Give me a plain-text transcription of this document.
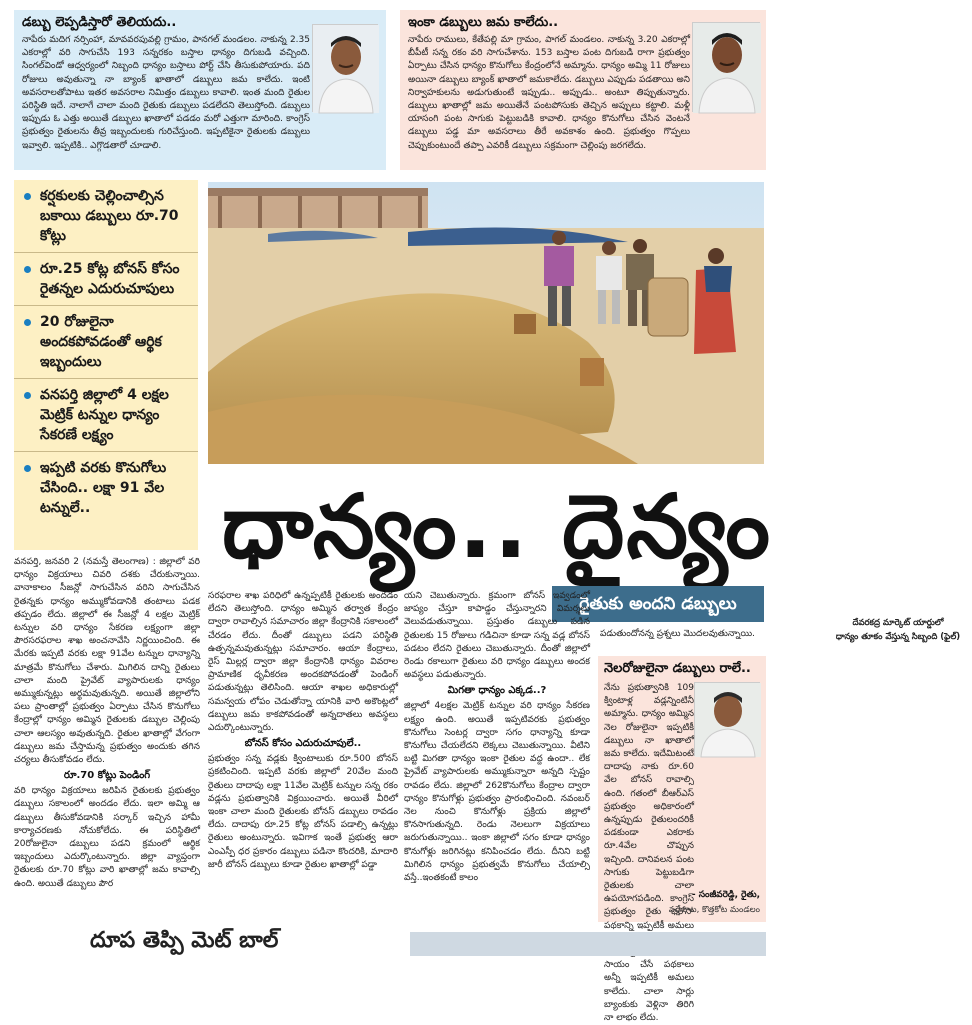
డబ్బు లెప్పడిస్తారో తెలియదు..
నాపేరు మదిగ నర్సింహా, మావవరపువల్లి గ్రామం, పానగల్ మండలం. నాకున్న 2.35 ఎకరాల్లో వరి సాగుచేసి 193 సన్నరకం బస్తాల ధాన్యం దిగుబడి వచ్చింది. సింగల్‌విండో ఆధ్వర్యంలో నిబ్బంది ధాన్యం బస్తాలు పోర్ట్ చేసి తీసుకుపోయారు. పది రోజులు అవుతున్నా నా బ్యాంక్ ఖాతాలో డబ్బులు జమ కాలేదు. ఇంటి అవసరాలతోపాటు ఇతర అవసరాల నిమిత్తం డబ్బులు కావాలి. ఇంత మంది రైతుల పరిస్థితి ఇదే. నాలాగే చాలా మంది రైతుకు డబ్బులు పడలేదని తెలుస్తోంది. డబ్బులు ఇప్పుడు ఓ ఎత్తు అయితే డబ్బులు ఖాతాలో పడడం మరో ఎత్తుగా మారింది. కాంగ్రెస్ ప్రభుత్వం రైతులను తీవ్ర ఇబ్బందులకు గురిచేస్తుంది. ఇప్పటికైనా రైతులకు డబ్బులు ఇవ్వాలి. ఇప్పటికి.. ఎగ్గొడతారో చూడాలి.
ఇంకా డబ్బులు జమ కాలేదు..
నాపేరు రాములు, కేతేపల్లి మా గ్రామం, పాగల్ మండలం. నాకున్న 3.20 ఎకరాల్లో బీపీటీ సన్న రకం వరి సాగుచేశాను. 153 బస్తాల పంట దిగుబడి రాగా ప్రభుత్వం ఏర్పాటు చేసిన ధాన్యం కొనుగోలు కేంద్రంలోనే అమ్మాను. ధాన్యం అమ్మి 11 రోజులు అయినా డబ్బులు బ్యాంక్ ఖాతాలో జమకాలేదు. డబ్బులు ఎప్పుడు పడతాయి అని నిర్వాహకులను అడుగుతుంటే ఇప్పుడు.. అప్పుడు.. అంటూ తిప్పుతున్నారు. డబ్బులు ఖాతాల్లో జమ అయితేనే పంటపోసుకు తెచ్చిన అప్పులు కట్టాలి. మళ్లీ యాసంగి పంట సాగుకు పెట్టుబడికి కావాలి. ధాన్యం కొనుగోలు చేసిన వెంటనే డబ్బులు పడ్డ మా అవసరాలు తీరే అవకాశం ఉంది. ప్రభుత్వం గొప్పలు చెప్పుకుంటుందే తప్పా ఎవరికీ డబ్బులు సక్రమంగా చెల్లింపు జరగలేదు.
కర్షకులకు చెల్లించాల్సిన బకాయి డబ్బులు రూ.70 కోట్లు
రూ.25 కోట్ల బోనస్ కోసం రైతన్నల ఎదురుచూపులు
20 రోజులైనా అందకపోవడంతో ఆర్థిక ఇబ్బందులు
వనపర్తి జిల్లాలో 4 లక్షల మెట్రిక్ టన్నుల ధాన్యం సేకరణే లక్ష్యం
ఇప్పటి వరకు కొనుగోలు చేసింది.. లక్షా 91 వేల టన్నులే..
దేవరకద్ర మార్కెట్ యార్డులో
ధాన్యం తూకం వేస్తున్న సిబ్బంది (ఫైల్)
ధాన్యం.. దైన్యం
రైతుకు అందని డబ్బులు
వనపర్తి, జనవరి 2 (నమస్తే తెలంగాణ) : జిల్లాలో వరి ధాన్యం విక్రయాలు చివరి దశకు చేరుకున్నాయి. వానాకాలం సీజన్లో సాగుచేసిన వరిని సాగుచేసిన రైతన్నకు ధాన్యం అమ్ముకోవడానికి తంటాలు పడక తప్పడం లేదు. జిల్లాలో ఈ సీజన్లో 4 లక్షల మెట్రిక్ టన్నుల వరి ధాన్యం సేకరణ లక్ష్యంగా జిల్లా పౌరసరఫరాల శాఖ అంచనావేసి నిర్ణయించింది. ఈ మేరకు ఇప్పటి వరకు లక్షా 91వేల టన్నుల ధాన్యాన్ని మాత్రమే కొనుగోలు చేశారు. మిగిలిన దాన్ని రైతులు చాలా మంది ప్రైవేట్ వ్యాపారులకు ధాన్యం అమ్ముకున్నట్లు అర్థమవుతున్నది. అయితే జిల్లాలోని పలు ప్రాంతాల్లో ప్రభుత్వం ఏర్పాటు చేసిన కొనుగోలు కేంద్రాల్లో ధాన్యం అమ్మిన రైతులకు డబ్బుల చెల్లింపు చాలా ఆలస్యం అవుతున్నది. రైతుల ఖాతాల్లో వేగంగా డబ్బులు జమ చేస్తామన్న ప్రభుత్వం అందుకు తగిన చర్యలు తీసుకోవడం లేదు.
రూ.70 కోట్లు పెండింగ్
వరి ధాన్యం విక్రయాలు జరిపిన రైతులకు ప్రభుత్వం డబ్బులు సకాలంలో అందడం లేదు. ఇలా అమ్మి ఆ డబ్బులు తీసుకోవడానికి సర్కార్ ఇచ్చిన హామీ కార్యాచరణకు నోచుకోలేదు. ఈ పరిస్థితిలో 20రోజులైనా డబ్బులు పడని క్రమంలో ఆర్థిక ఇబ్బందులు ఎదుర్కొంటున్నారు. జిల్లా వ్యాప్తంగా రైతులకు రూ.70 కోట్లు వారి ఖాతాల్లో జమ కావాల్సి ఉంది. అయితే డబ్బులు పౌర
సరఫరాల శాఖ పరిధిలో ఉన్నప్పటికీ రైతులకు అందడం లేదని తెలుస్తోంది. ధాన్యం అమ్మిన తర్వాత కేంద్రం ద్వారా రావాల్సిన సమాచారం జిల్లా కేంద్రానికి సకాలంలో చేరడం లేదు. దీంతో డబ్బులు పడని పరిస్థితి ఉత్పన్నమవుతున్నట్లు సమాచారం. ఆయా కేంద్రాలు, రైస్ మిల్లర్ల ద్వారా జిల్లా కేంద్రానికి ధాన్యం వివరాల ప్రామాణిక ధృవీకరణ అందకపోవడంతో పెండింగ్ పడుతున్నట్లు తెలిసింది. ఆయా శాఖల అధికారుల్లో సమన్వయ లోపం చెడుతోన్నా యానికి వారి అకౌంట్లలో డబ్బులు జమ కాకపోవడంతో అన్నదాతలు అవస్థలు ఎదుర్కొంటున్నారు.
బోనస్ కోసం ఎదురుచూపులే..
ప్రభుత్వం సన్న వడ్లకు క్వింటాలుకు రూ.500 బోనస్ ప్రకటించింది. ఇప్పటి వరకు జిల్లాలో 20వేల మంది రైతులు దాదాపు లక్షా 11వేల మెట్రిక్ టన్నుల సన్న రకం వడ్లను ప్రభుత్వానికి విక్రయించారు. అయితే వీరిలో ఇంకా చాలా మంది రైతులకు బోనస్ డబ్బులు రావడం లేదు. దాదాపు రూ.25 కోట్ల బోనస్ పడాల్సి ఉన్నట్లు రైతులు అంటున్నారు. ఇవిగాక ఇంతే ప్రభుత్వ ఆరా ఎంఎస్పీ ధర ప్రకారం డబ్బులు పడినా కొందరికి, మాదారి జారీ బోనస్ డబ్బులు కూడా రైతుల ఖాతాల్లో పడ్డా
యని చెబుతున్నారు. క్రమంగా బోనస్ ఇవ్వడంలో జాప్యం చేస్తూ కాపాడ్డం చేస్తున్నారని విమర్శలు వెలువడుతున్నాయి. ప్రస్తుతం డబ్బులు పడిన రైతులకు 15 రోజులు గడిచినా కూడా సన్న వడ్ల బోనస్ పడటం లేదని రైతులు చెబుతున్నారు. దీంతో జిల్లాలో రెండు రకాలుగా రైతులు వరి ధాన్యం డబ్బులు అందక అవస్థలు పడుతున్నారు.
మిగతా ధాన్యం ఎక్కడ..?
జిల్లాలో 4లక్షల మెట్రిక్ టన్నుల వరి ధాన్యం సేకరణ లక్ష్యం ఉంది. అయితే ఇప్పటివరకు ప్రభుత్వం కొనుగోలు సెంటర్ల ద్వారా సగం ధాన్యాన్ని కూడా కొనుగోలు చేయలేదని లెక్కలు చెబుతున్నాయి. వీటిని బట్టి మిగతా ధాన్యం ఇంకా రైతుల వద్ద ఉందా.. లేక ప్రైవేట్ వ్యాపారులకు అమ్ముకున్నారా అన్నది స్పష్టం రావడం లేదు. జిల్లాలో 262కొనుగోలు కేంద్రాల ద్వారా ధాన్యం కొనుగోళ్లు ప్రభుత్వం ప్రారంభించింది. నవంబర్ నెల నుంచి కొనుగోళ్లు ప్రక్రియ జిల్లాలో కొనసాగుతున్నది. రెండు నెలలుగా విక్రయాలు జరుగుతున్నాయి.. ఇంకా జిల్లాలో సగం కూడా ధాన్యం కొనుగోళ్లు జరిగినట్లు కనిపించడం లేదు. దీనిని బట్టి మిగిలిన ధాన్యం ప్రభుత్వమే కొనుగోలు చేయాల్సి వస్తే..ఇంతకంటే కాలం
పడుతుందోనన్న ప్రశ్నలు మొదలవుతున్నాయి.
నెలరోజులైనా డబ్బులు రాలే..
నేను ప్రభుత్వానికి 109 క్వింటాళ్ల వడ్లన్నింటినీ అమ్మాను. ధాన్యం అమ్మిన నెల రోజులైనా ఇప్పటికీ డబ్బులు నా ఖాతాలో జమ కాలేదు. ఇదేమిటంటే దాదాపు నాకు రూ.60 వేల బోనస్ రావాల్సి ఉంది. గతంలో బీఆర్ఎస్ ప్రభుత్వం అధికారంలో ఉన్నప్పుడు రైతులందరికీ పడకుండా ఎకరాకు రూ.4వేల చొప్పున ఇచ్చింది. దానివలన పంట సాగుకు పెట్టుబడిగా రైతులకు చాలా ఉపయోగపడింది. కాంగ్రెస్ ప్రభుత్వం రైతు భరోసా పథకాన్ని ఇప్పటికీ అమలు సాయం చేసే పథకాలు అన్నీ ఇప్పటికీ అమలు కాలేదు. చాలా సార్లు బ్యాంకుకు వెళ్లినా తిరిగి నా లాభం లేదు.
- సంజీవరెడ్డి, రైతు,
వడ్డేవాట, కొత్తకోట మండలం
దూప తెప్పి మెట్ బాల్
